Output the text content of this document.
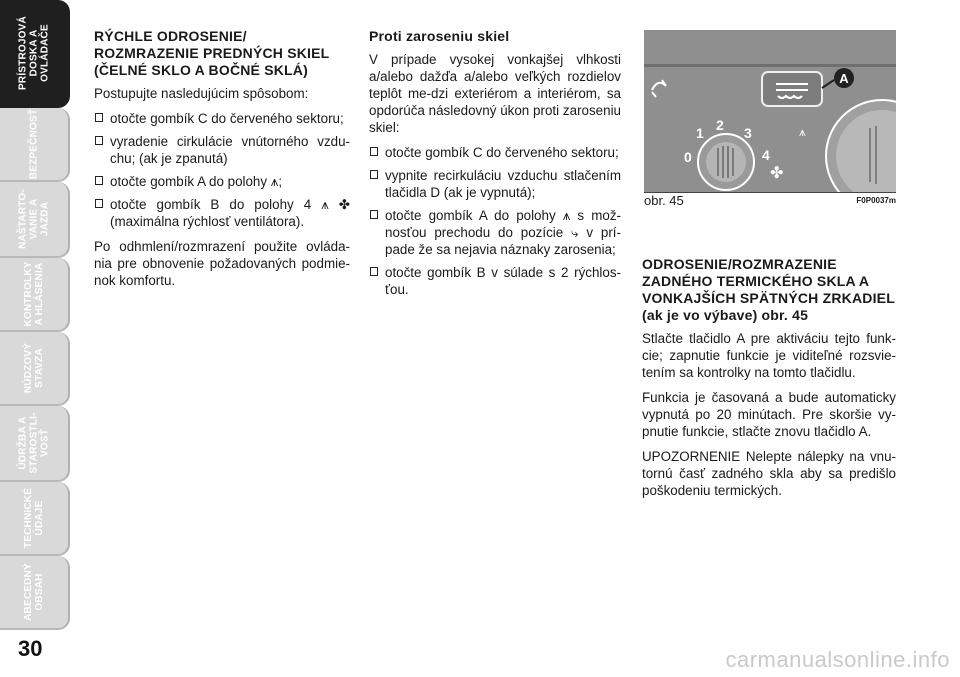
PRÍSTROJOVÁ
DOSKA A
OVLÁDAČE
BEZPEČNOSŤ
NAŠTARTO-
VANIE A
JAZDA
KONTROLKY
A HLÁSENIA
NÚDZOVÝ
STAVZA
ÚDRŽBA A
STAROSTLI-
VOSŤ
TECHNICKÉ
ÚDAJE
ABECEDNÝ
OBSAH
30
RÝCHLE ODROSENIE/ ROZMRAZENIE PREDNÝCH SKIEL (ČELNÉ SKLO A BOČNÉ SKLÁ)

Postupujte nasledujúcim spôsobom:

otočte gombík C do červeného sektoru;
vyradenie cirkulácie vnútorného vzdu-chu; (ak je zpanutá)
otočte gombík A do polohy ⩚;
otočte gombík B do polohy 4 ⩚ ✤ (maximálna rýchlosť ventilátora).

Po odhmlení/rozmrazení použite ovláda-nia pre obnovenie požadovaných podmie-nok komfortu.

Proti zaroseniu skiel

V prípade vysokej vonkajšej vlhkosti a/alebo dažďa a/alebo veľkých rozdielov teplôt me-dzi exteriérom a interiérom, sa opdorúča následovný úkon proti zaroseniu skiel:

otočte gombík C do červeného sektoru;
vypnite recirkuláciu vzduchu stlačením tlačidla D (ak je vypnutá);
otočte gombík A do polohy ⩚ s mož-nosťou prechodu do pozície ⤷ v prí-pade že sa nejavia náznaky zarosenia;
otočte gombík B v súlade s 2 rýchlos-ťou.
A
0
1 2 3
4
✤
⩚
obr. 45	F0P0037m
ODROSENIE/ROZMRAZENIE ZADNÉHO TERMICKÉHO SKLA A VONKAJŠÍCH SPÄTNÝCH ZRKADIEL (ak je vo výbave) obr. 45

Stlačte tlačidlo A pre aktiváciu tejto funk-cie; zapnutie funkcie je viditeľné rozsvie-tením sa kontrolky na tomto tlačidlu.

Funkcia je časovaná a bude automaticky vypnutá po 20 minútach. Pre skoršie vy-pnutie funkcie, stlačte znovu tlačidlo A.

UPOZORNENIE Nelepte nálepky na vnu-tornú časť zadného skla aby sa predišlo poškodeniu termických.

carmanualsonline.info
